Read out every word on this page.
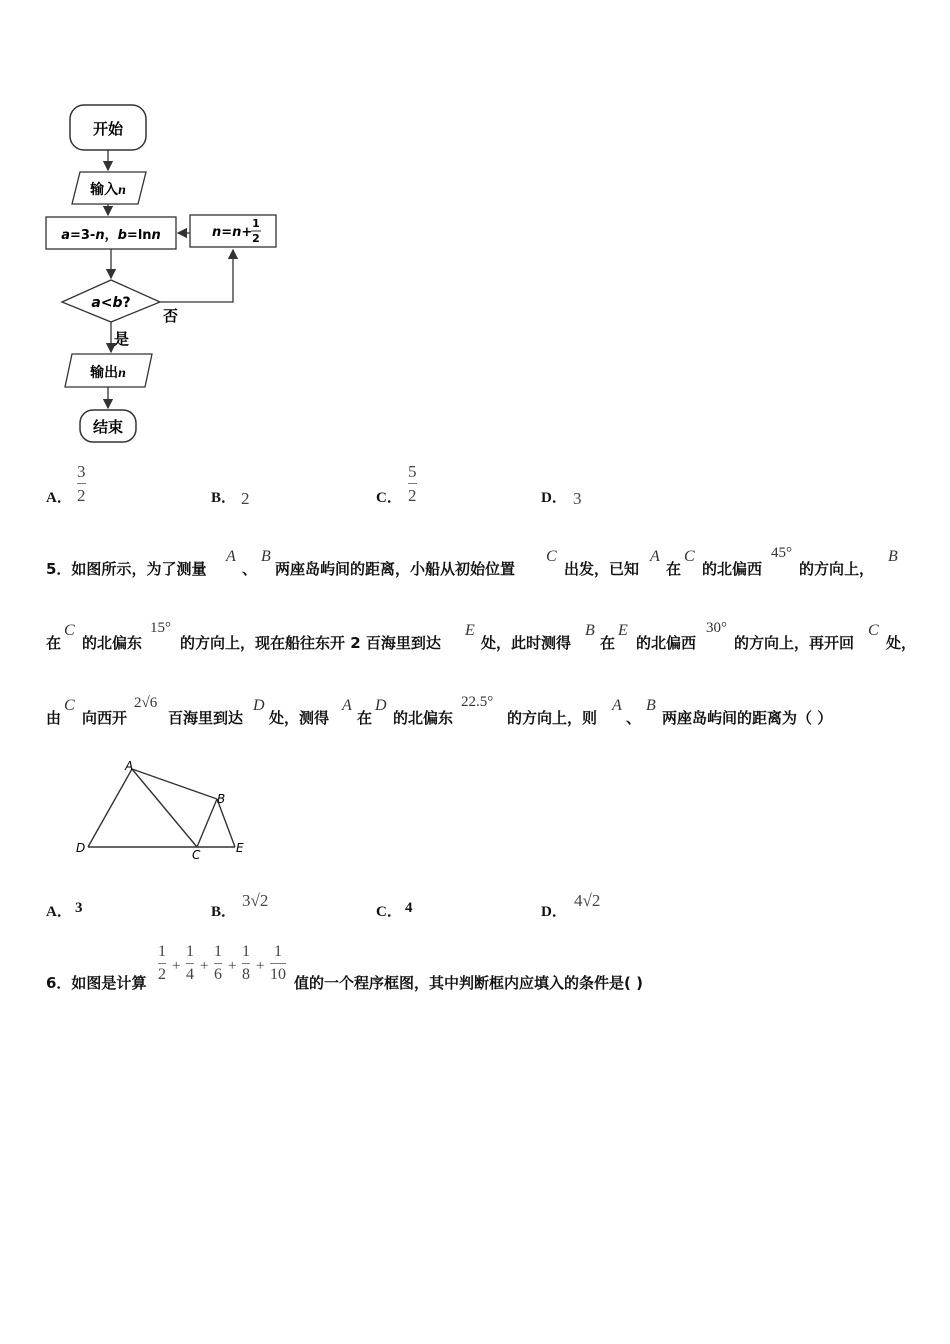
开始
输入n
a=3-n，b=lnn	n=n+
1
2
a<b?
否
是
输出n
结束
A．
3
2	B． 2	C．
5
2	D． 3
5．如图所示，为了测量
A
、
B
两座岛屿间的距离，小船从初始位置
C
出发，已知
A
在
C
的北偏西
45°
的方向上，
B
在
C
的北偏东
15°
的方向上，现在船往东开 2 百海里到达
E
处，此时测得
B
在
E
的北偏西
30°
的方向上，再开回
C
处，
由
C
向西开
2√6
百海里到达
D
处，测得
A
在
D
的北偏东
22.5°
的方向上，则
A
、
B
两座岛屿间的距离为（ ）
A
B
C
D	E
A． 3	B．
3√2
C． 4	D．
4√2
6．如图是计算
1
2 +
1
4 +
1
6 +
1
8 +
1
10 值的一个程序框图，其中判断框内应填入的条件是( )
